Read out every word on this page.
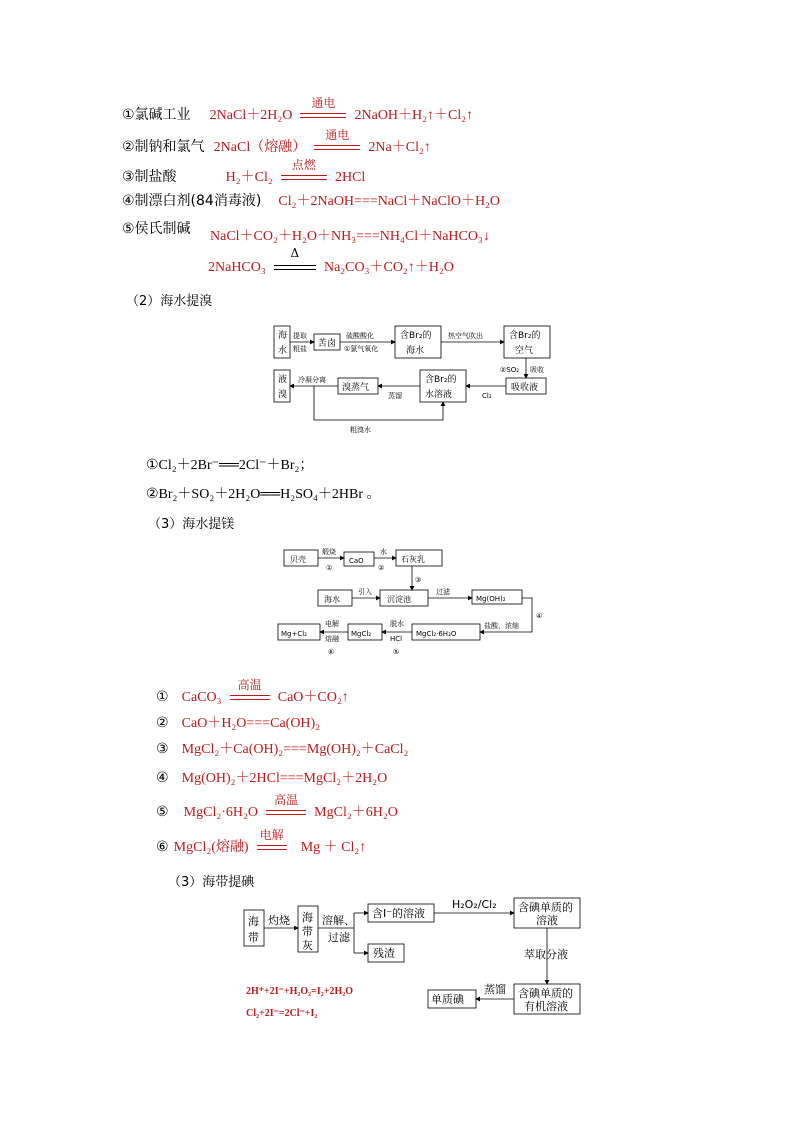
①氯碱工业 2NaCl＋2H₂O
通电
2NaOH＋H₂↑＋Cl₂↑
②制钠和氯气 2NaCl（熔融）
通电
2Na＋Cl₂↑
③制盐酸	H₂＋Cl₂
点燃
2HCl
④制漂白剂(84消毒液) Cl₂＋2NaOH===NaCl＋NaClO＋H₂O
⑤侯氏制碱 NaCl＋CO₂＋H₂O＋NH₃===NH₄Cl＋NaHCO₃↓
2NaHCO₃
Δ
Na₂CO₃＋CO₂↑＋H₂O
（2）海水提溴
海
水
提取
粗盐 苦卤
硫酸酸化
①氯气氧化
含Br₂的
海水
热空气吹出	含Br₂的
空气
②SO₂ 吸收
吸收液
Cl₂
含Br₂的
水溶液
蒸馏
溴蒸气
冷凝分离
液
溴
粗溴水
①Cl₂＋2Br⁻══2Cl⁻＋Br₂；
②Br₂＋SO₂＋2H₂O══H₂SO₄＋2HBr 。
（3）海水提镁
贝壳
煅烧
①
CaO
水
②
石灰乳
③
海水
引入
沉淀池
过滤
Mg(OH)₂
④
盐酸、浓缩
MgCl₂·6H₂O
脱水
HCl
⑤
MgCl₂
电解
熔融
⑥
Mg+Cl₂
① CaCO₃
高温
CaO＋CO₂↑
② CaO＋H₂O===Ca(OH)₂
③ MgCl₂＋Ca(OH)₂===Mg(OH)₂＋CaCl₂
④ Mg(OH)₂＋2HCl===MgCl₂＋2H₂O
⑤ MgCl₂·6H₂O
高温
MgCl₂＋6H₂O
⑥ MgCl₂(熔融)
电解
Mg ＋ Cl₂↑
（3）海带提碘
海
带
灼烧 海
带
灰
溶解、
过滤
含I⁻的溶液
残渣
H₂O₂/Cl₂ 含碘单质的
溶液
萃取分液
含碘单质的
有机溶液
蒸馏
单质碘
2H⁺+2I⁻+H₂O₂=I₂+2H₂O
Cl₂+2I⁻=2Cl⁻+I₂
